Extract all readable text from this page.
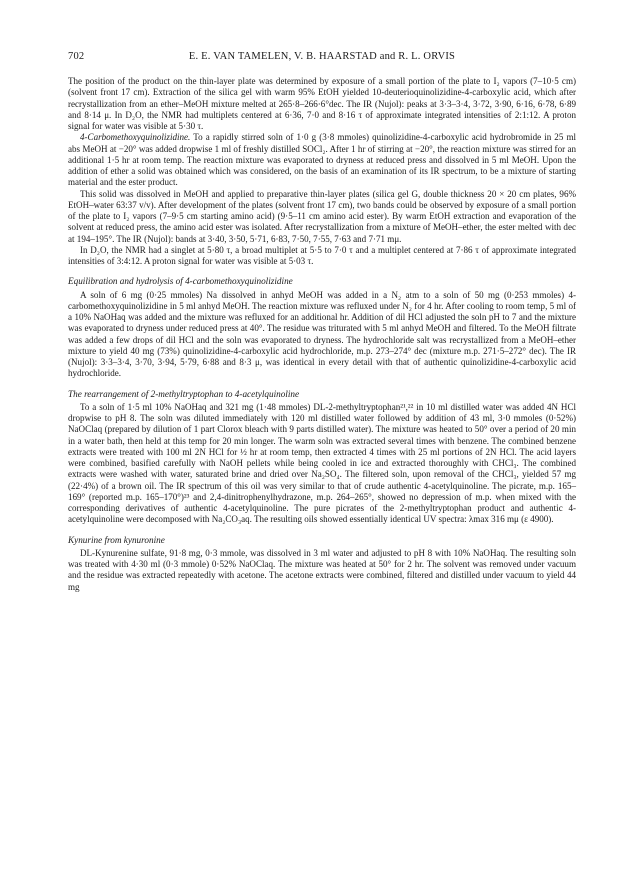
702	E. E. VAN TAMELEN, V. B. HAARSTAD and R. L. ORVIS

The position of the product on the thin-layer plate was determined by exposure of a small portion of the plate to I₂ vapors (7–10·5 cm) (solvent front 17 cm). Extraction of the silica gel with warm 95% EtOH yielded 10-deuterioquinolizidine-4-carboxylic acid, which after recrystallization from an ether–MeOH mixture melted at 265·8–266·6°dec. The IR (Nujol): peaks at 3·3–3·4, 3·72, 3·90, 6·16, 6·78, 6·89 and 8·14 μ. In D₂O, the NMR had multiplets centered at 6·36, 7·0 and 8·16 τ of approximate integrated intensities of 2:1:12. A proton signal for water was visible at 5·30 τ.

4-Carbomethoxyquinolizidine. To a rapidly stirred soln of 1·0 g (3·8 mmoles) quinolizidine-4-carboxylic acid hydrobromide in 25 ml abs MeOH at −20° was added dropwise 1 ml of freshly distilled SOCl₂. After 1 hr of stirring at −20°, the reaction mixture was stirred for an additional 1·5 hr at room temp. The reaction mixture was evaporated to dryness at reduced press and dissolved in 5 ml MeOH. Upon the addition of ether a solid was obtained which was considered, on the basis of an examination of its IR spectrum, to be a mixture of starting material and the ester product.

This solid was dissolved in MeOH and applied to preparative thin-layer plates (silica gel G, double thickness 20 × 20 cm plates, 96% EtOH–water 63:37 v/v). After development of the plates (solvent front 17 cm), two bands could be observed by exposure of a small portion of the plate to I₂ vapors (7–9·5 cm starting amino acid) (9·5–11 cm amino acid ester). By warm EtOH extraction and evaporation of the solvent at reduced press, the amino acid ester was isolated. After recrystallization from a mixture of MeOH–ether, the ester melted with dec at 194–195°. The IR (Nujol): bands at 3·40, 3·50, 5·71, 6·83, 7·50, 7·55, 7·63 and 7·71 mμ.

In D₂O, the NMR had a singlet at 5·80 τ, a broad multiplet at 5·5 to 7·0 τ and a multiplet centered at 7·86 τ of approximate integrated intensities of 3:4:12. A proton signal for water was visible at 5·03 τ.

Equilibration and hydrolysis of 4-carbomethoxyquinolizidine

A soln of 6 mg (0·25 mmoles) Na dissolved in anhyd MeOH was added in a N₂ atm to a soln of 50 mg (0·253 mmoles) 4-carbomethoxyquinolizidine in 5 ml anhyd MeOH. The reaction mixture was refluxed under N₂ for 4 hr. After cooling to room temp, 5 ml of a 10% NaOHaq was added and the mixture was refluxed for an additional hr. Addition of dil HCl adjusted the soln pH to 7 and the mixture was evaporated to dryness under reduced press at 40°. The residue was triturated with 5 ml anhyd MeOH and filtered. To the MeOH filtrate was added a few drops of dil HCl and the soln was evaporated to dryness. The hydrochloride salt was recrystallized from a MeOH–ether mixture to yield 40 mg (73%) quinolizidine-4-carboxylic acid hydrochloride, m.p. 273–274° dec (mixture m.p. 271·5–272° dec). The IR (Nujol): 3·3–3·4, 3·70, 3·94, 5·79, 6·88 and 8·3 μ, was identical in every detail with that of authentic quinolizidine-4-carboxylic acid hydrochloride.

The rearrangement of 2-methyltryptophan to 4-acetylquinoline

To a soln of 1·5 ml 10% NaOHaq and 321 mg (1·48 mmoles) DL-2-methyltryptophan²¹,²² in 10 ml distilled water was added 4N HCl dropwise to pH 8. The soln was diluted immediately with 120 ml distilled water followed by addition of 43 ml, 3·0 mmoles (0·52%) NaOClaq (prepared by dilution of 1 part Clorox bleach with 9 parts distilled water). The mixture was heated to 50° over a period of 20 min in a water bath, then held at this temp for 20 min longer. The warm soln was extracted several times with benzene. The combined benzene extracts were treated with 100 ml 2N HCl for ½ hr at room temp, then extracted 4 times with 25 ml portions of 2N HCl. The acid layers were combined, basified carefully with NaOH pellets while being cooled in ice and extracted thoroughly with CHCl₃. The combined extracts were washed with water, saturated brine and dried over Na₂SO₄. The filtered soln, upon removal of the CHCl₃, yielded 57 mg (22·4%) of a brown oil. The IR spectrum of this oil was very similar to that of crude authentic 4-acetylquinoline. The picrate, m.p. 165–169° (reported m.p. 165–170°)²³ and 2,4-dinitrophenylhydrazone, m.p. 264–265°, showed no depression of m.p. when mixed with the corresponding derivatives of authentic 4-acetylquinoline. The pure picrates of the 2-methyltryptophan product and authentic 4-acetylquinoline were decomposed with Na₂CO₃aq. The resulting oils showed essentially identical UV spectra: λmax 316 mμ (ε 4900).

Kynurine from kynuronine

DL-Kynurenine sulfate, 91·8 mg, 0·3 mmole, was dissolved in 3 ml water and adjusted to pH 8 with 10% NaOHaq. The resulting soln was treated with 4·30 ml (0·3 mmole) 0·52% NaOClaq. The mixture was heated at 50° for 2 hr. The solvent was removed under vacuum and the residue was extracted repeatedly with acetone. The acetone extracts were combined, filtered and distilled under vacuum to yield 44 mg
